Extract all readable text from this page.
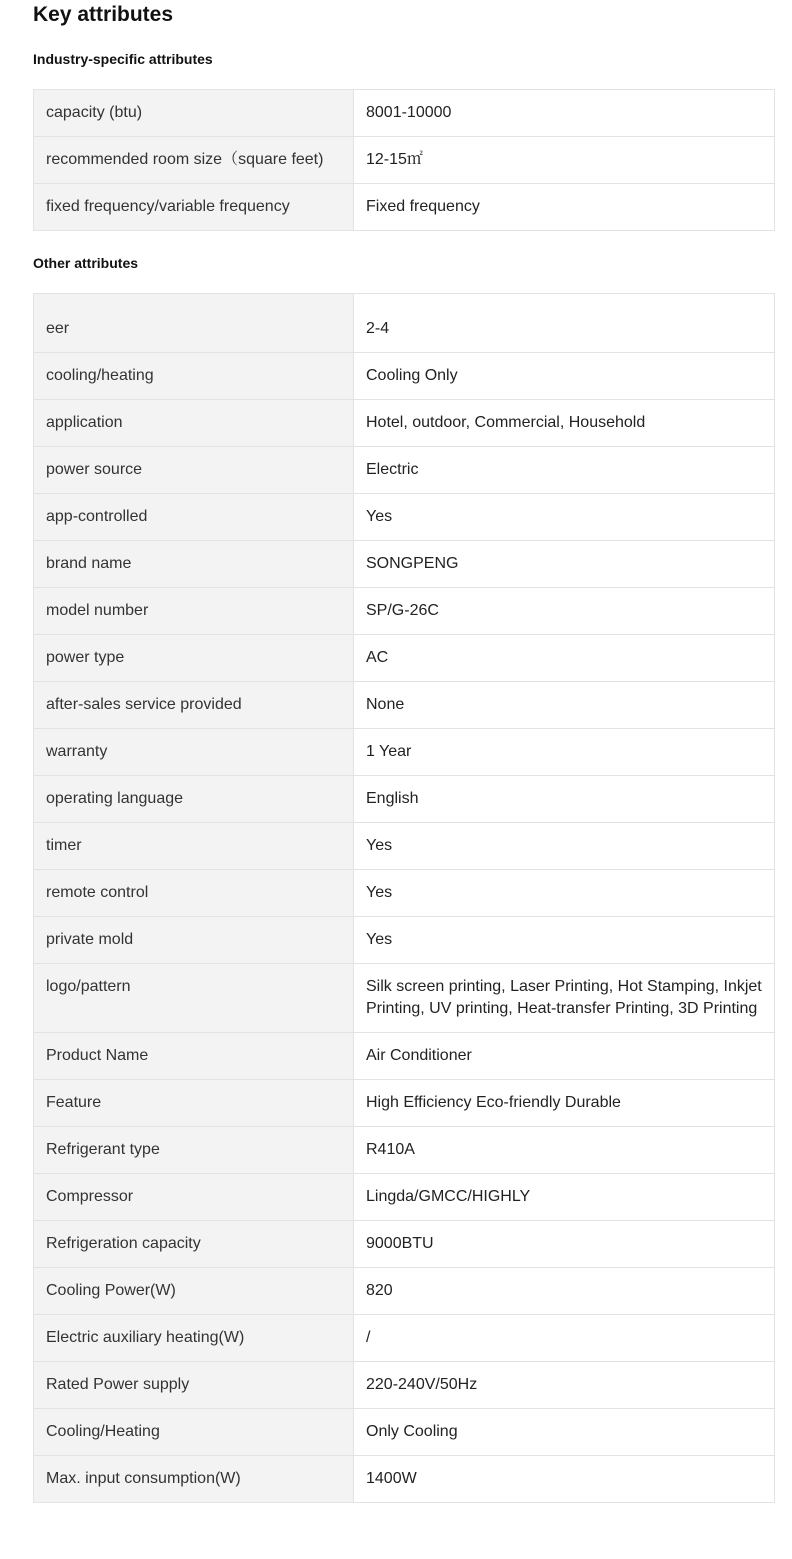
Key attributes
Industry-specific attributes
capacity (btu)	8001-10000
recommended room size（square feet)	12-15㎡
fixed frequency/variable frequency	Fixed frequency
Other attributes
eer	2-4
cooling/heating	Cooling Only
application	Hotel, outdoor, Commercial, Household
power source	Electric
app-controlled	Yes
brand name	SONGPENG
model number	SP/G-26C
power type	AC
after-sales service provided	None
warranty	1 Year
operating language	English
timer	Yes
remote control	Yes
private mold	Yes
logo/pattern	Silk screen printing, Laser Printing, Hot Stamping, Inkjet Printing, UV printing, Heat-transfer Printing, 3D Printing
Product Name	Air Conditioner
Feature	High Efficiency Eco-friendly Durable
Refrigerant type	R410A
Compressor	Lingda/GMCC/HIGHLY
Refrigeration capacity	9000BTU
Cooling Power(W)	820
Electric auxiliary heating(W)	/
Rated Power supply	220-240V/50Hz
Cooling/Heating	Only Cooling
Max. input consumption(W)	1400W
